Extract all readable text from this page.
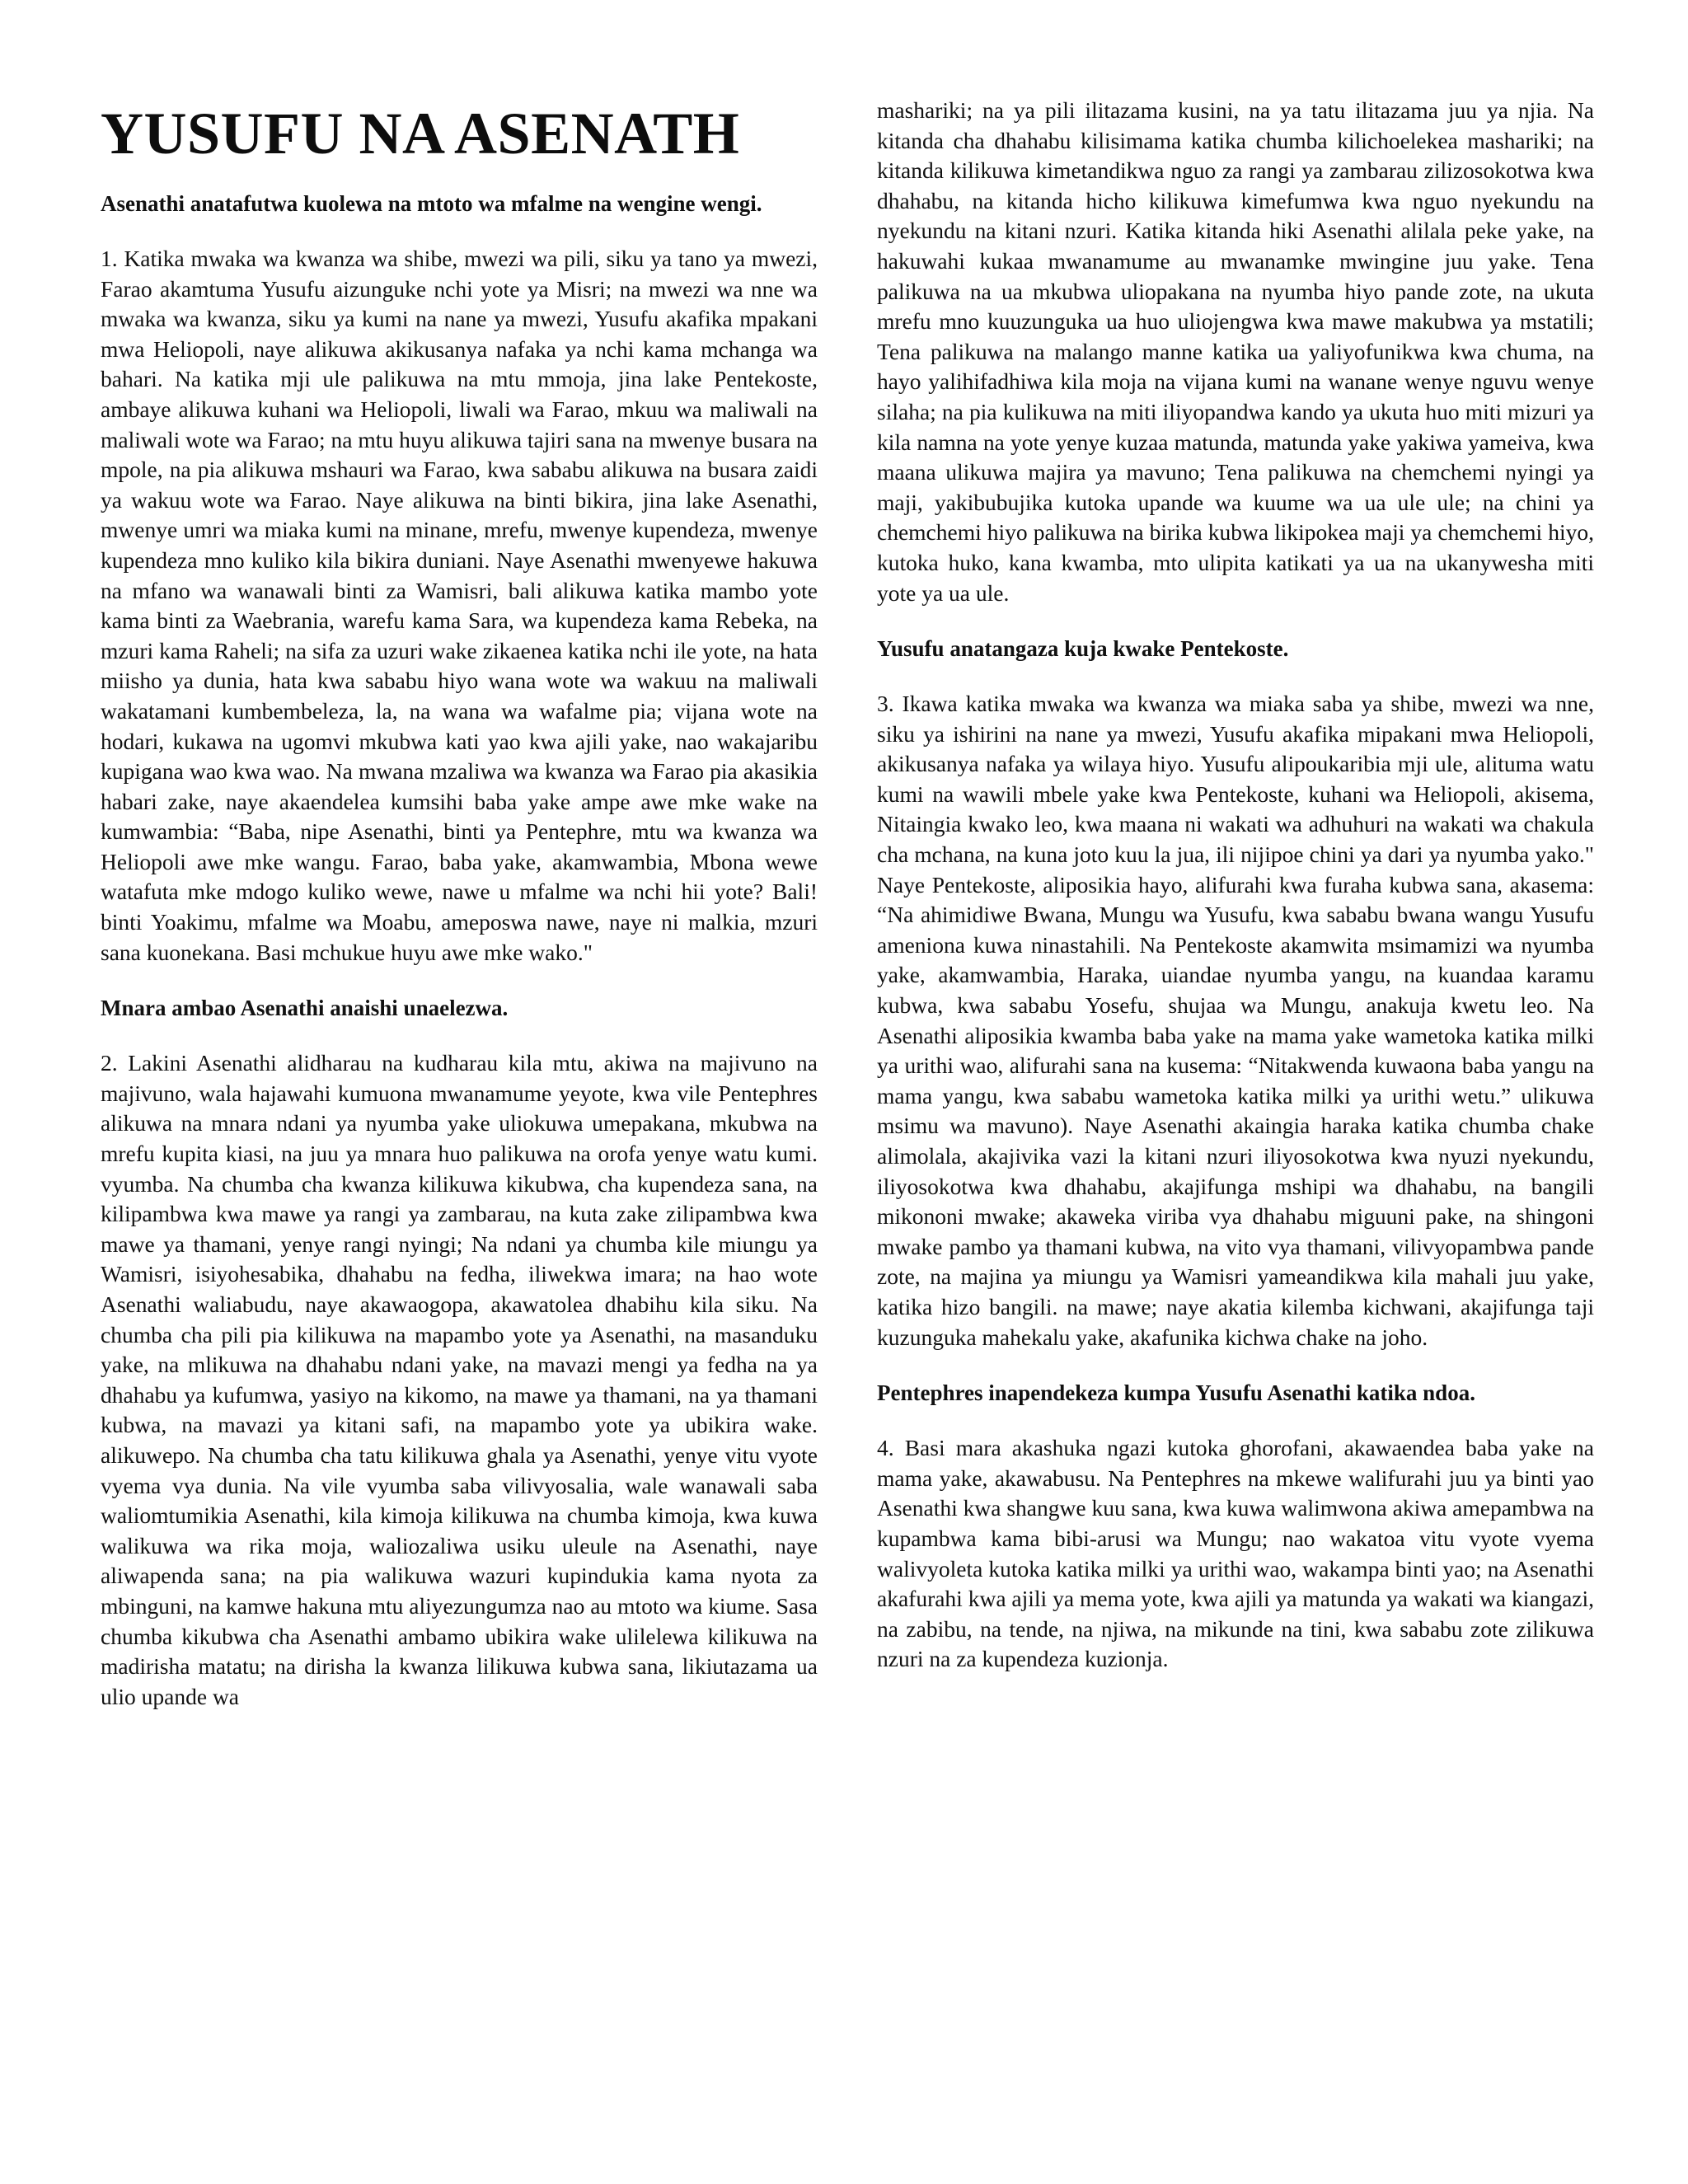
YUSUFU NA ASENATH

Asenathi anatafutwa kuolewa na mtoto wa mfalme na wengine wengi.

1. Katika mwaka wa kwanza wa shibe, mwezi wa pili, siku ya tano ya mwezi, Farao akamtuma Yusufu aizunguke nchi yote ya Misri; na mwezi wa nne wa mwaka wa kwanza, siku ya kumi na nane ya mwezi, Yusufu akafika mpakani mwa Heliopoli, naye alikuwa akikusanya nafaka ya nchi kama mchanga wa bahari. Na katika mji ule palikuwa na mtu mmoja, jina lake Pentekoste, ambaye alikuwa kuhani wa Heliopoli, liwali wa Farao, mkuu wa maliwali na maliwali wote wa Farao; na mtu huyu alikuwa tajiri sana na mwenye busara na mpole, na pia alikuwa mshauri wa Farao, kwa sababu alikuwa na busara zaidi ya wakuu wote wa Farao. Naye alikuwa na binti bikira, jina lake Asenathi, mwenye umri wa miaka kumi na minane, mrefu, mwenye kupendeza, mwenye kupendeza mno kuliko kila bikira duniani. Naye Asenathi mwenyewe hakuwa na mfano wa wanawali binti za Wamisri, bali alikuwa katika mambo yote kama binti za Waebrania, warefu kama Sara, wa kupendeza kama Rebeka, na mzuri kama Raheli; na sifa za uzuri wake zikaenea katika nchi ile yote, na hata miisho ya dunia, hata kwa sababu hiyo wana wote wa wakuu na maliwali wakatamani kumbembeleza, la, na wana wa wafalme pia; vijana wote na hodari, kukawa na ugomvi mkubwa kati yao kwa ajili yake, nao wakajaribu kupigana wao kwa wao. Na mwana mzaliwa wa kwanza wa Farao pia akasikia habari zake, naye akaendelea kumsihi baba yake ampe awe mke wake na kumwambia: “Baba, nipe Asenathi, binti ya Pentephre, mtu wa kwanza wa Heliopoli awe mke wangu. Farao, baba yake, akamwambia, Mbona wewe watafuta mke mdogo kuliko wewe, nawe u mfalme wa nchi hii yote? Bali! binti Yoakimu, mfalme wa Moabu, ameposwa nawe, naye ni malkia, mzuri sana kuonekana. Basi mchukue huyu awe mke wako."

Mnara ambao Asenathi anaishi unaelezwa.

2. Lakini Asenathi alidharau na kudharau kila mtu, akiwa na majivuno na majivuno, wala hajawahi kumuona mwanamume yeyote, kwa vile Pentephres alikuwa na mnara ndani ya nyumba yake uliokuwa umepakana, mkubwa na mrefu kupita kiasi, na juu ya mnara huo palikuwa na orofa yenye watu kumi. vyumba. Na chumba cha kwanza kilikuwa kikubwa, cha kupendeza sana, na kilipambwa kwa mawe ya rangi ya zambarau, na kuta zake zilipambwa kwa mawe ya thamani, yenye rangi nyingi; Na ndani ya chumba kile miungu ya Wamisri, isiyohesabika, dhahabu na fedha, iliwekwa imara; na hao wote Asenathi waliabudu, naye akawaogopa, akawatolea dhabihu kila siku. Na chumba cha pili pia kilikuwa na mapambo yote ya Asenathi, na masanduku yake, na mlikuwa na dhahabu ndani yake, na mavazi mengi ya fedha na ya dhahabu ya kufumwa, yasiyo na kikomo, na mawe ya thamani, na ya thamani kubwa, na mavazi ya kitani safi, na mapambo yote ya ubikira wake. alikuwepo. Na chumba cha tatu kilikuwa ghala ya Asenathi, yenye vitu vyote vyema vya dunia. Na vile vyumba saba vilivyosalia, wale wanawali saba waliomtumikia Asenathi, kila kimoja kilikuwa na chumba kimoja, kwa kuwa walikuwa wa rika moja, waliozaliwa usiku uleule na Asenathi, naye aliwapenda sana; na pia walikuwa wazuri kupindukia kama nyota za mbinguni, na kamwe hakuna mtu aliyezungumza nao au mtoto wa kiume. Sasa chumba kikubwa cha Asenathi ambamo ubikira wake ulilelewa kilikuwa na madirisha matatu; na dirisha la kwanza lilikuwa kubwa sana, likiutazama ua ulio upande wa

mashariki; na ya pili ilitazama kusini, na ya tatu ilitazama juu ya njia. Na kitanda cha dhahabu kilisimama katika chumba kilichoelekea mashariki; na kitanda kilikuwa kimetandikwa nguo za rangi ya zambarau zilizosokotwa kwa dhahabu, na kitanda hicho kilikuwa kimefumwa kwa nguo nyekundu na nyekundu na kitani nzuri. Katika kitanda hiki Asenathi alilala peke yake, na hakuwahi kukaa mwanamume au mwanamke mwingine juu yake. Tena palikuwa na ua mkubwa uliopakana na nyumba hiyo pande zote, na ukuta mrefu mno kuuzunguka ua huo uliojengwa kwa mawe makubwa ya mstatili; Tena palikuwa na malango manne katika ua yaliyofunikwa kwa chuma, na hayo yalihifadhiwa kila moja na vijana kumi na wanane wenye nguvu wenye silaha; na pia kulikuwa na miti iliyopandwa kando ya ukuta huo miti mizuri ya kila namna na yote yenye kuzaa matunda, matunda yake yakiwa yameiva, kwa maana ulikuwa majira ya mavuno; Tena palikuwa na chemchemi nyingi ya maji, yakibubujika kutoka upande wa kuume wa ua ule ule; na chini ya chemchemi hiyo palikuwa na birika kubwa likipokea maji ya chemchemi hiyo, kutoka huko, kana kwamba, mto ulipita katikati ya ua na ukanywesha miti yote ya ua ule.

Yusufu anatangaza kuja kwake Pentekoste.

3. Ikawa katika mwaka wa kwanza wa miaka saba ya shibe, mwezi wa nne, siku ya ishirini na nane ya mwezi, Yusufu akafika mipakani mwa Heliopoli, akikusanya nafaka ya wilaya hiyo. Yusufu alipoukaribia mji ule, alituma watu kumi na wawili mbele yake kwa Pentekoste, kuhani wa Heliopoli, akisema, Nitaingia kwako leo, kwa maana ni wakati wa adhuhuri na wakati wa chakula cha mchana, na kuna joto kuu la jua, ili nijipoe chini ya dari ya nyumba yako." Naye Pentekoste, aliposikia hayo, alifurahi kwa furaha kubwa sana, akasema: “Na ahimidiwe Bwana, Mungu wa Yusufu, kwa sababu bwana wangu Yusufu ameniona kuwa ninastahili. Na Pentekoste akamwita msimamizi wa nyumba yake, akamwambia, Haraka, uiandae nyumba yangu, na kuandaa karamu kubwa, kwa sababu Yosefu, shujaa wa Mungu, anakuja kwetu leo. Na Asenathi aliposikia kwamba baba yake na mama yake wametoka katika milki ya urithi wao, alifurahi sana na kusema: “Nitakwenda kuwaona baba yangu na mama yangu, kwa sababu wametoka katika milki ya urithi wetu.” ulikuwa msimu wa mavuno). Naye Asenathi akaingia haraka katika chumba chake alimolala, akajivika vazi la kitani nzuri iliyosokotwa kwa nyuzi nyekundu, iliyosokotwa kwa dhahabu, akajifunga mshipi wa dhahabu, na bangili mikononi mwake; akaweka viriba vya dhahabu miguuni pake, na shingoni mwake pambo ya thamani kubwa, na vito vya thamani, vilivyopambwa pande zote, na majina ya miungu ya Wamisri yameandikwa kila mahali juu yake, katika hizo bangili. na mawe; naye akatia kilemba kichwani, akajifunga taji kuzunguka mahekalu yake, akafunika kichwa chake na joho.

Pentephres inapendekeza kumpa Yusufu Asenathi katika ndoa.

4. Basi mara akashuka ngazi kutoka ghorofani, akawaendea baba yake na mama yake, akawabusu. Na Pentephres na mkewe walifurahi juu ya binti yao Asenathi kwa shangwe kuu sana, kwa kuwa walimwona akiwa amepambwa na kupambwa kama bibi-arusi wa Mungu; nao wakatoa vitu vyote vyema walivyoleta kutoka katika milki ya urithi wao, wakampa binti yao; na Asenathi akafurahi kwa ajili ya mema yote, kwa ajili ya matunda ya wakati wa kiangazi, na zabibu, na tende, na njiwa, na mikunde na tini, kwa sababu zote zilikuwa nzuri na za kupendeza kuzionja.
